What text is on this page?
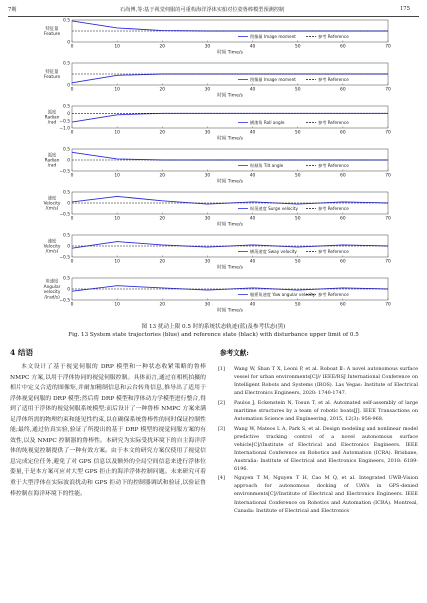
7期	石尚博,等:基于视觉伺服的可重构海洋浮体实船对位姿鲁棒模型预测控制	175
0.5
0
0	10	20	30	40	50	60	70
时间 Time/s
特征量
Feature	图像量 Image moment	参考 Reference
0.5
0
0	10	20	30	40	50	60	70
时间 Time/s
特征量
Feature	图像量 Image moment	参考 Reference
0.5
0
−0.5
−1.0
0	10	20	30	40	50	60	70
时间 Time/s
弧度
Radian
/rad	横滚角 Roll angle	参考 Reference
0.5
0
−0.5
0	10	20	30	40	50	60	70
时间 Time/s
弧度
Radian
/rad	纵倾角 Tilt angle	参考 Reference
0.5
0
−0.5
0	10	20	30	40	50	60	70
时间 Time/s
速度
Velocity
/(m/s)	纵荡速度 Surge velocity	参考 Reference
0.5
0
−0.5
0	10	20	30	40	50	60	70
时间 Time/s
速度
Velocity
/(m/s)	横荡速度 Sway velocity	参考 Reference
0.5
0
−0.5
0	10	20	30	40	50	60	70
时间 Time/s
角速度
Angular
velocity
/(rad/s)
艏摇角速度 Yaw angular velocity 参考 Reference
图 13 扰动上限 0.5 时的系统状态轨迹(蓝)及参考状态(黑)
Fig. 13 System state trajectories (blue) and reference state (black) with disturbance upper limit of 0.5
4 结语
本文设计了基于视觉伺服的 DRP 模型和一种状态收紧策略的鲁棒 NMPC 方案,以用于浮体协同的视觉伺服控制。具体而言,通过在相机拍摄的相片中定义合适的图像矩,并耐加精制信息和云台转角信息,推导出了适用于浮体视觉伺服的 DRP 模型;然后将 DRP 模型和浮体动力学模型进行整合,得到了适用于浮体的视觉伺服系统模型;而后设计了一种鲁棒 NMPC 方案来满足浮体所需的物理约束和能见性约束,以在确保系统鲁棒性的同时保证控制性能;最终,通过仿真实验,验证了所提出的基于 DRP 模型的视觉伺服方案的有效性,以及 NMPC 控制器的鲁棒性。本研究为实际受扰环境下的自主海洋浮体的纯视觉控制提供了一种有效方案。由于本文的研究方案仅使用了视觉信息完成定位任务,避免了对 GPS 信息以及额外的全局空间信息来进行浮体位姿量,于是本方案可应对大型 GPS 拒止的海洋浮体控制问题。未来研究可着重于大型浮体在实际波浪扰动和 GPS 拒动下的控制器调试和验证,以验证鲁棒控制在海洋环境下的性能。
参考文献:
[1] Wang W, Shan T X, Leoni P, et al. Roboat Ⅱ: A novel autonomous surface vessel for urban environments[C]// IEEE/RSJ International Conference on Intelligent Robots and Systems (IROS). Las Vegas: Institute of Electrical and Electronics Engineers, 2020: 1740-1747.
[2] Paulos J, Eckenstein N, Tosun T, et al. Automated self-assembly of large maritime structures by a team of robotic boats[J]. IEEE Transactions on Automation Science and Engineering, 2015, 12(3): 958-968.
[3] Wang W, Mateos L A, Park S, et al. Design modeling and nonlinear model predictive tracking control of a novel autonomous surface vehicle[C]//Institute of Electrical and Electronics Engineers. IEEE International Conference on Robotics and Automation (ICRA). Brisbane, Australia: Institute of Electrical and Electronics Engineers, 2018: 6189-6196.
[4] Nguyen T M, Nguyen T H, Cao M Q, et al. Integrated UWB-Vision approach for autonomous docking of UAVs in GPS-denied environments[C]//Institute of Electrical and Electronics Engineers. IEEE International Conference on Robotics and Automation (ICRA). Montreal, Canada: Institute of Electrical and Electronics
